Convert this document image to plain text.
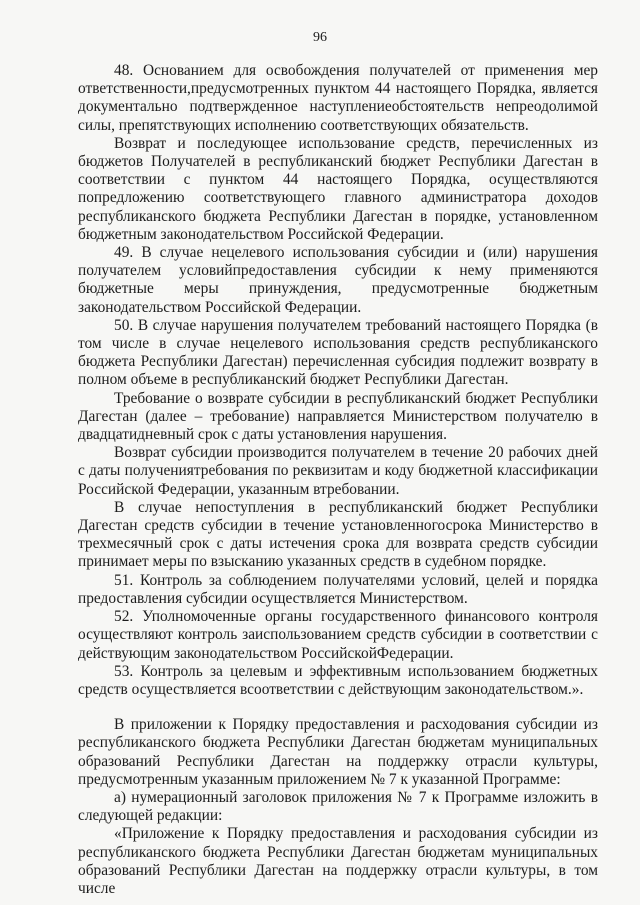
96

48. Основанием для освобождения получателей от применения мер ответственности,предусмотренных пунктом 44 настоящего Порядка, является документально подтвержденное наступлениеобстоятельств непреодолимой силы, препятствующих исполнению соответствующих обязательств.

Возврат и последующее использование средств, перечисленных из бюджетов Получателей в республиканский бюджет Республики Дагестан в соответствии с пунктом 44 настоящего Порядка, осуществляются попредложению соответствующего главного администратора доходов республиканского бюджета Республики Дагестан в порядке, установленном бюджетным законодательством Российской Федерации.

49. В случае нецелевого использования субсидии и (или) нарушения получателем условийпредоставления субсидии к нему применяются бюджетные меры принуждения, предусмотренные бюджетным законодательством Российской Федерации.

50. В случае нарушения получателем требований настоящего Порядка (в том числе в случае нецелевого использования средств республиканского бюджета Республики Дагестан) перечисленная субсидия подлежит возврату в полном объеме в республиканский бюджет Республики Дагестан.

Требование о возврате субсидии в республиканский бюджет Республики Дагестан (далее – требование) направляется Министерством получателю в двадцатидневный срок с даты установления нарушения.

Возврат субсидии производится получателем в течение 20 рабочих дней с даты получениятребования по реквизитам и коду бюджетной классификации Российской Федерации, указанным втребовании.

В случае непоступления в республиканский бюджет Республики Дагестан средств субсидии в течение установленногосрока Министерство в трехмесячный срок с даты истечения срока для возврата средств субсидии принимает меры по взысканию указанных средств в судебном порядке.

51. Контроль за соблюдением получателями условий, целей и порядка предоставления субсидии осуществляется Министерством.

52. Уполномоченные органы государственного финансового контроля осуществляют контроль заиспользованием средств субсидии в соответствии с действующим законодательством РоссийскойФедерации.

53. Контроль за целевым и эффективным использованием бюджетных средств осуществляется всоответствии с действующим законодательством.».

В приложении к Порядку предоставления и расходования субсидии из республиканского бюджета Республики Дагестан бюджетам муниципальных образований Республики Дагестан на поддержку отрасли культуры, предусмотренным указанным приложением № 7 к указанной Программе:

а) нумерационный заголовок приложения № 7 к Программе изложить в следующей редакции:

«Приложение к Порядку предоставления и расходования субсидии из республиканского бюджета Республики Дагестан бюджетам муниципальных образований Республики Дагестан на поддержку отрасли культуры, в том числе
